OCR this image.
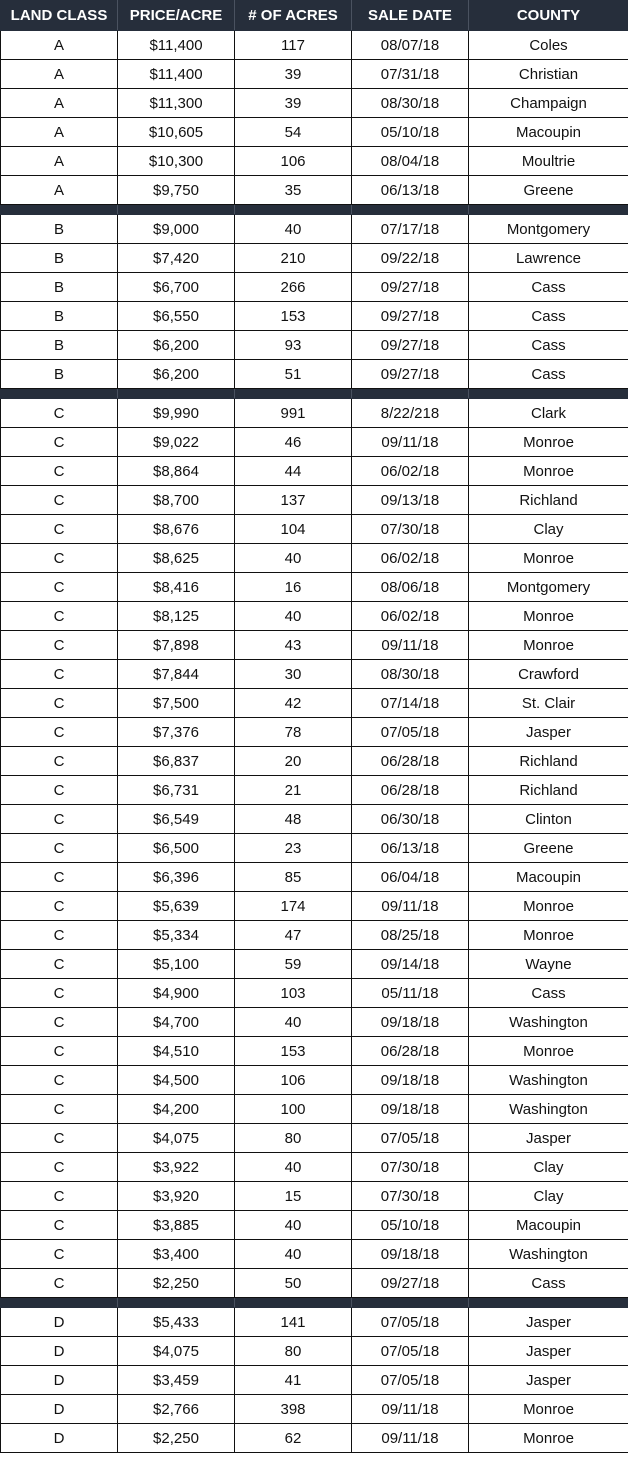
LAND CLASS	PRICE/ACRE	# OF ACRES	SALE DATE	COUNTY
A	$11,400	117	08/07/18	Coles
A	$11,400	39	07/31/18	Christian
A	$11,300	39	08/30/18	Champaign
A	$10,605	54	05/10/18	Macoupin
A	$10,300	106	08/04/18	Moultrie
A	$9,750	35	06/13/18	Greene

B	$9,000	40	07/17/18	Montgomery
B	$7,420	210	09/22/18	Lawrence
B	$6,700	266	09/27/18	Cass
B	$6,550	153	09/27/18	Cass
B	$6,200	93	09/27/18	Cass
B	$6,200	51	09/27/18	Cass

C	$9,990	991	8/22/218	Clark
C	$9,022	46	09/11/18	Monroe
C	$8,864	44	06/02/18	Monroe
C	$8,700	137	09/13/18	Richland
C	$8,676	104	07/30/18	Clay
C	$8,625	40	06/02/18	Monroe
C	$8,416	16	08/06/18	Montgomery
C	$8,125	40	06/02/18	Monroe
C	$7,898	43	09/11/18	Monroe
C	$7,844	30	08/30/18	Crawford
C	$7,500	42	07/14/18	St. Clair
C	$7,376	78	07/05/18	Jasper
C	$6,837	20	06/28/18	Richland
C	$6,731	21	06/28/18	Richland
C	$6,549	48	06/30/18	Clinton
C	$6,500	23	06/13/18	Greene
C	$6,396	85	06/04/18	Macoupin
C	$5,639	174	09/11/18	Monroe
C	$5,334	47	08/25/18	Monroe
C	$5,100	59	09/14/18	Wayne
C	$4,900	103	05/11/18	Cass
C	$4,700	40	09/18/18	Washington
C	$4,510	153	06/28/18	Monroe
C	$4,500	106	09/18/18	Washington
C	$4,200	100	09/18/18	Washington
C	$4,075	80	07/05/18	Jasper
C	$3,922	40	07/30/18	Clay
C	$3,920	15	07/30/18	Clay
C	$3,885	40	05/10/18	Macoupin
C	$3,400	40	09/18/18	Washington
C	$2,250	50	09/27/18	Cass

D	$5,433	141	07/05/18	Jasper
D	$4,075	80	07/05/18	Jasper
D	$3,459	41	07/05/18	Jasper
D	$2,766	398	09/11/18	Monroe
D	$2,250	62	09/11/18	Monroe
